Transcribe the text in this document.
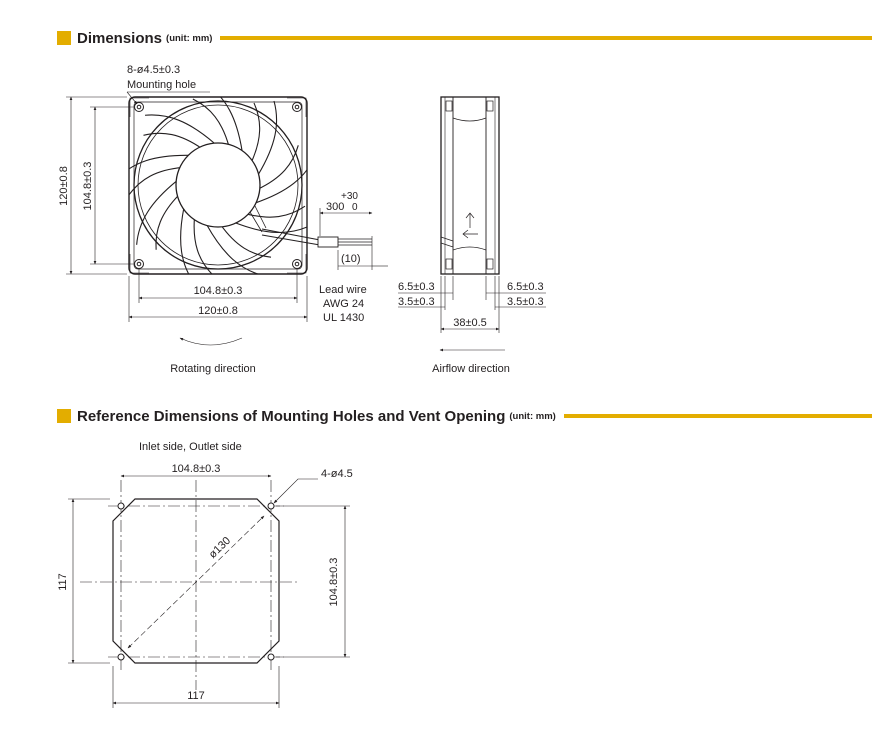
Dimensions (unit: mm)
Reference Dimensions of Mounting Holes and Vent Opening (unit: mm)
8-ø4.5±0.3
Mounting hole
120±0.8 104.8±0.3
104.8±0.3
120±0.8
Rotating direction
+30
300 0
(10)
Lead wire
AWG 24
UL 1430
6.5±0.3
3.5±0.3
6.5±0.3
3.5±0.3
38±0.5
Airflow direction
Inlet side, Outlet side
104.8±0.3	4-ø4.5
ø130
117	104.8±0.3
117
